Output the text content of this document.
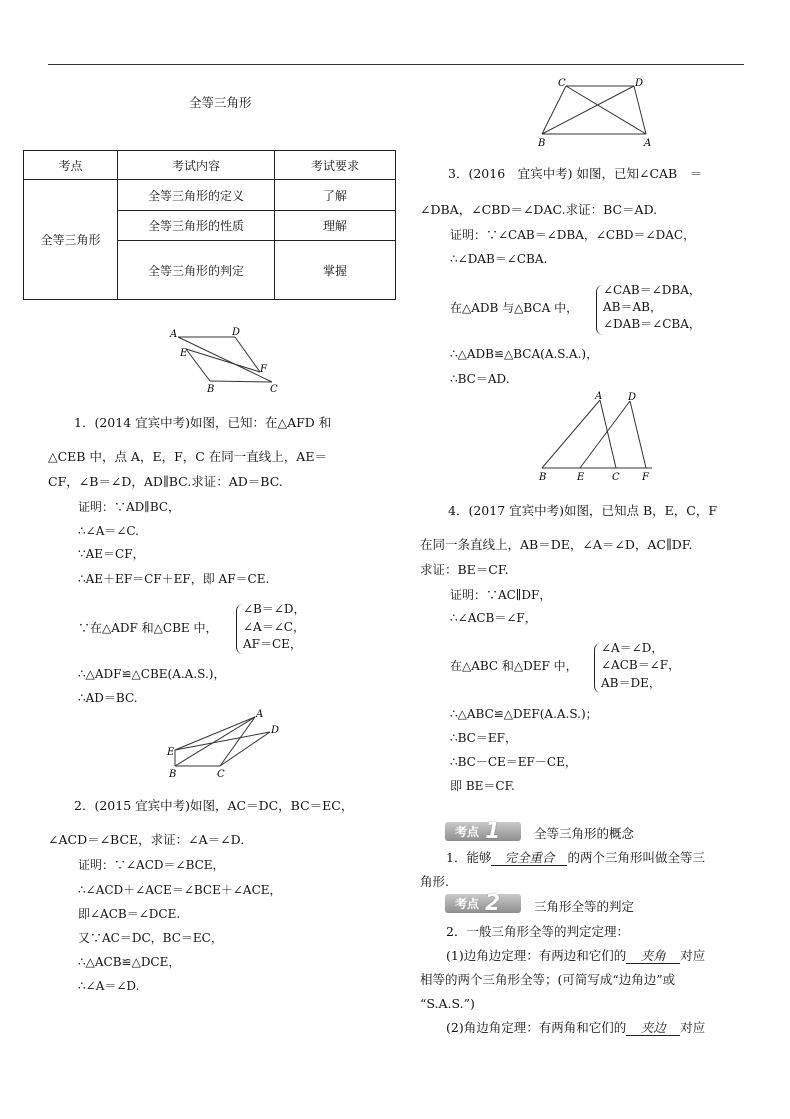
全等三角形
考点	考试内容	考试要求
全等三角形	全等三角形的定义	了解
	全等三角形的性质	理解
	全等三角形的判定	掌握
A	D
E
F
B	C
1．(2014 宜宾中考)如图，已知：在△AFD 和
△CEB 中，点 A，E，F，C 在同一直线上，AE＝
CF，∠B＝∠D，AD∥BC.求证：AD＝BC.
证明：∵AD∥BC，
∴∠A＝∠C.
∵AE＝CF，
∴AE＋EF＝CF＋EF，即 AF＝CE.
∵在△ADF 和△CBE 中，
∠B＝∠D，
∠A＝∠C，
AF＝CE，
∴△ADF≌△CBE(A.A.S.)，
∴AD＝BC.
A
D
E
B	C
2．(2015 宜宾中考)如图，AC＝DC，BC＝EC，
∠ACD＝∠BCE，求证：∠A＝∠D.
证明：∵∠ACD＝∠BCE，
∴∠ACD＋∠ACE＝∠BCE＋∠ACE，
即∠ACB＝∠DCE.
又∵AC＝DC，BC＝EC，
∴△ACB≌△DCE，
∴∠A＝∠D.
C	D
B	A
3．(2016　宜宾中考) 如图，已知∠CAB　＝
∠DBA，∠CBD＝∠DAC.求证：BC＝AD.
证明：∵∠CAB＝∠DBA，∠CBD＝∠DAC，
∴∠DAB＝∠CBA.
在△ADB 与△BCA 中，
∠CAB＝∠DBA，
AB＝AB，
∠DAB＝∠CBA，
∴△ADB≌△BCA(A.S.A.)，
∴BC＝AD.
A	D
B	E	C F
4．(2017 宜宾中考)如图，已知点 B，E，C，F
在同一条直线上，AB＝DE，∠A＝∠D，AC∥DF.
求证：BE＝CF.
证明：∵AC∥DF，
∴∠ACB＝∠F，
在△ABC 和△DEF 中，
∠A＝∠D，
∠ACB＝∠F，
AB＝DE，
∴△ABC≌△DEF(A.A.S.)；
∴BC＝EF，
∴BC－CE＝EF－CE，
即 BE＝CF.
考点 1	全等三角形的概念
1．能够 完全重合 的两个三角形叫做全等三
角形.
考点 2	三角形全等的判定
2．一般三角形全等的判定定理：
(1)边角边定理：有两边和它们的 夹角 对应
相等的两个三角形全等；(可简写成“边角边”或
“S.A.S.”)
(2)角边角定理：有两角和它们的 夹边 对应
